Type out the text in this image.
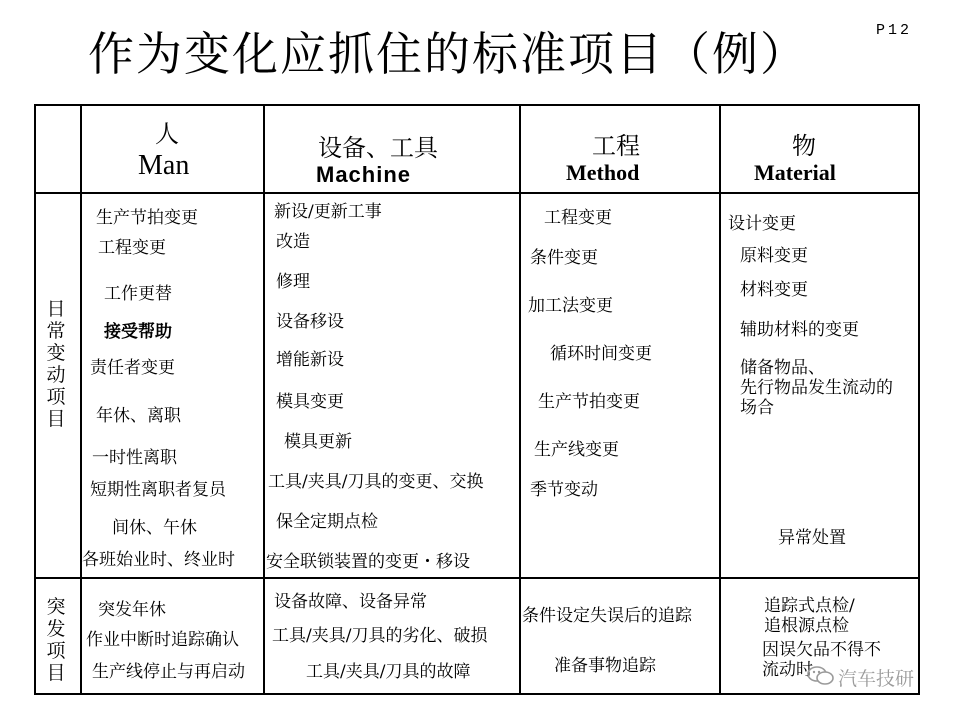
作为变化应抓住的标准项目（例）	P12
人
Man
设备、工具
Machine
工程
Method
物
Material
日
常
变
动
项
目
突
发
项
目
生产节拍变更
工程变更
工作更替
接受帮助
责任者变更
年休、离职
一时性离职
短期性离职者复员
间休、午休
各班始业时、终业时
新设/更新工事
改造
修理
设备移设
增能新设
模具变更
模具更新
工具/夹具/刀具的变更、交换
保全定期点检
安全联锁装置的变更・移设
工程变更
条件变更
加工法变更
循环时间变更
生产节拍变更
生产线变更
季节变动
设计变更
原料变更
材料变更
辅助材料的变更
储备物品、
先行物品发生流动的
场合
异常处置
突发年休
作业中断时追踪确认
生产线停止与再启动
设备故障、设备异常
工具/夹具/刀具的劣化、破损
工具/夹具/刀具的故障
条件设定失误后的追踪
准备事物追踪
追踪式点检/
追根源点检
因误欠品不得不
流动时	汽车技研
